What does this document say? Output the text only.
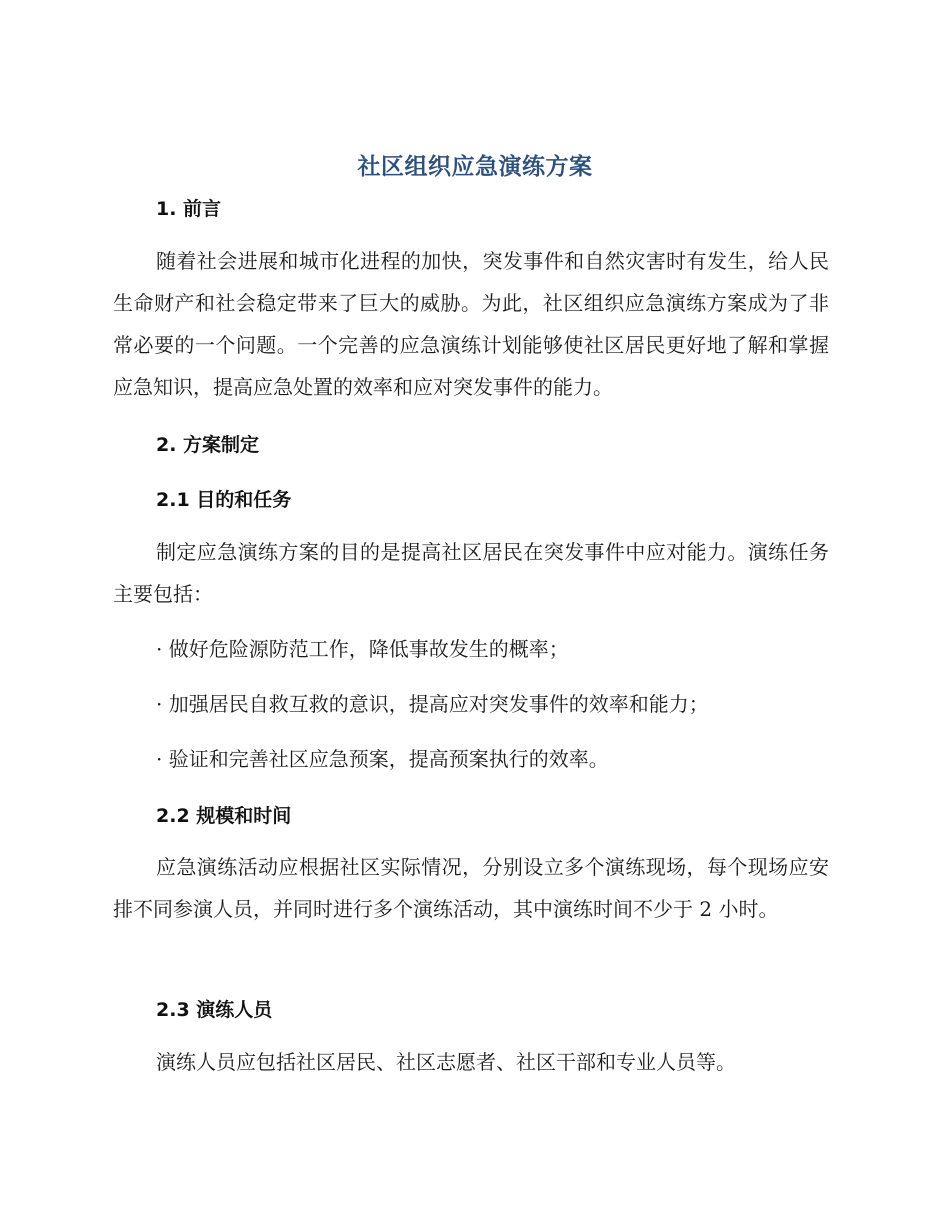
社区组织应急演练方案
1. 前言

随着社会进展和城市化进程的加快，突发事件和自然灾害时有发生，给人民生命财产和社会稳定带来了巨大的威胁。为此，社区组织应急演练方案成为了非常必要的一个问题。一个完善的应急演练计划能够使社区居民更好地了解和掌握应急知识，提高应急处置的效率和应对突发事件的能力。

2. 方案制定
2.1 目的和任务

制定应急演练方案的目的是提高社区居民在突发事件中应对能力。演练任务主要包括：

· 做好危险源防范工作，降低事故发生的概率；
· 加强居民自救互救的意识，提高应对突发事件的效率和能力；
· 验证和完善社区应急预案，提高预案执行的效率。
2.2 规模和时间

应急演练活动应根据社区实际情况，分别设立多个演练现场，每个现场应安排不同参演人员，并同时进行多个演练活动，其中演练时间不少于 2 小时。

2.3 演练人员

演练人员应包括社区居民、社区志愿者、社区干部和专业人员等。
